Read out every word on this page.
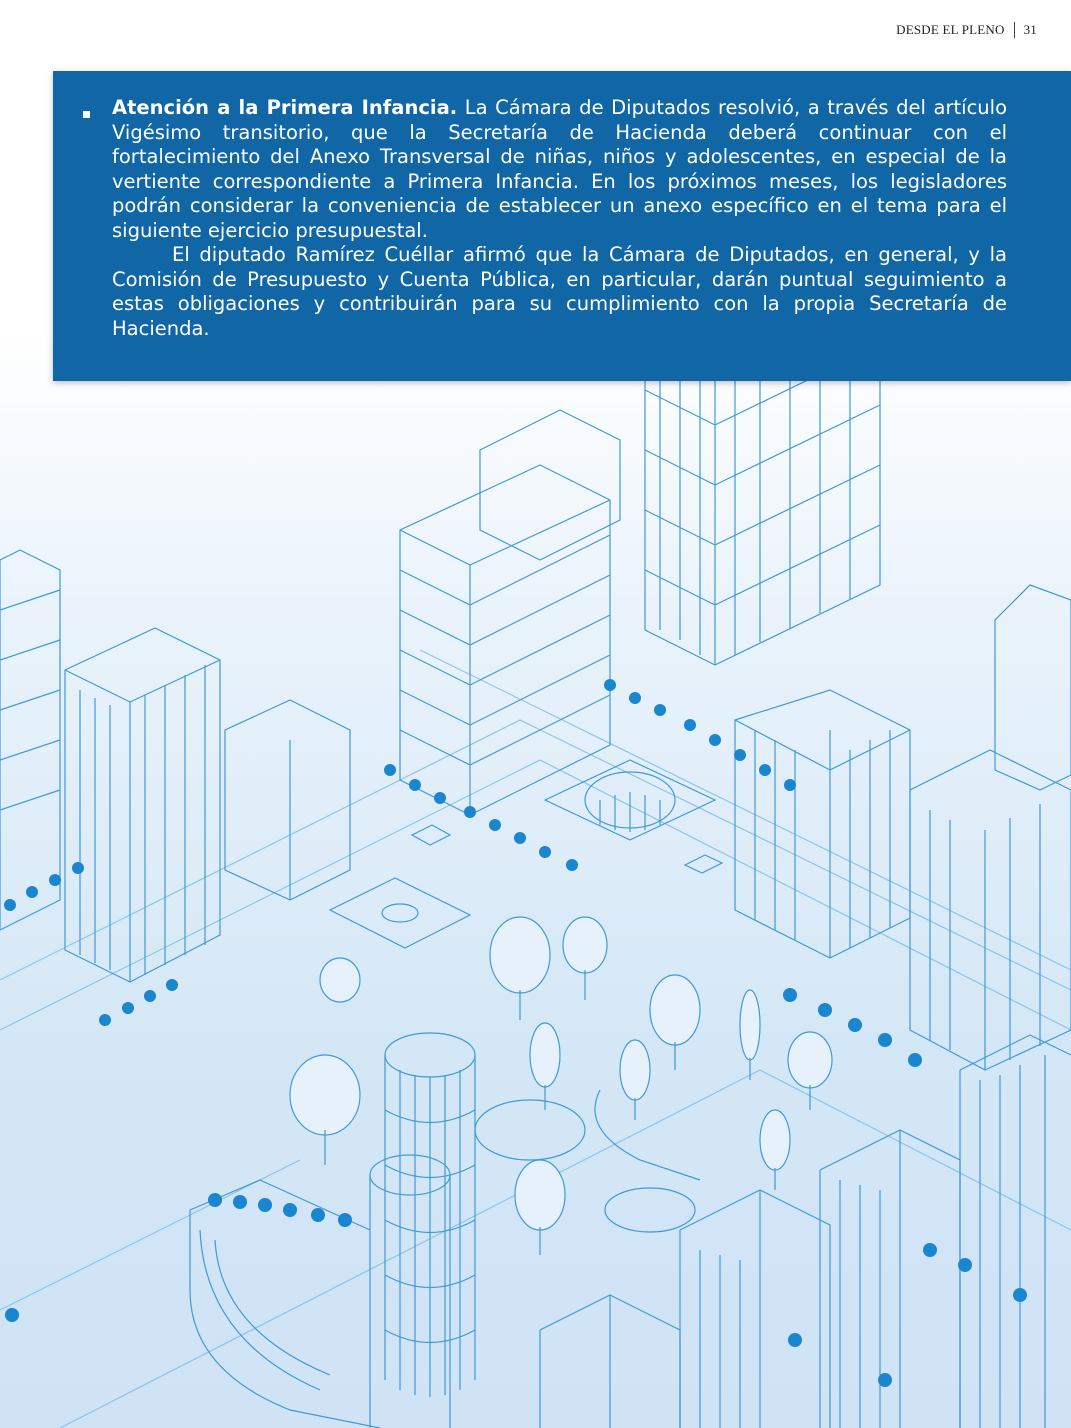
DESDE EL PLENO 31

Atención a la Primera Infancia. La Cámara de Diputados resolvió, a través del artículo Vigésimo transitorio, que la Secretaría de Hacienda deberá continuar con el fortalecimiento del Anexo Transversal de niñas, niños y adolescentes, en especial de la vertiente correspondiente a Primera Infancia. En los próximos meses, los legisladores podrán considerar la conveniencia de establecer un anexo específico en el tema para el siguiente ejercicio presupuestal.

El diputado Ramírez Cuéllar afirmó que la Cámara de Diputados, en general, y la Comisión de Presupuesto y Cuenta Pública, en particular, darán puntual seguimiento a estas obligaciones y contribuirán para su cumplimiento con la propia Secretaría de Hacienda.
